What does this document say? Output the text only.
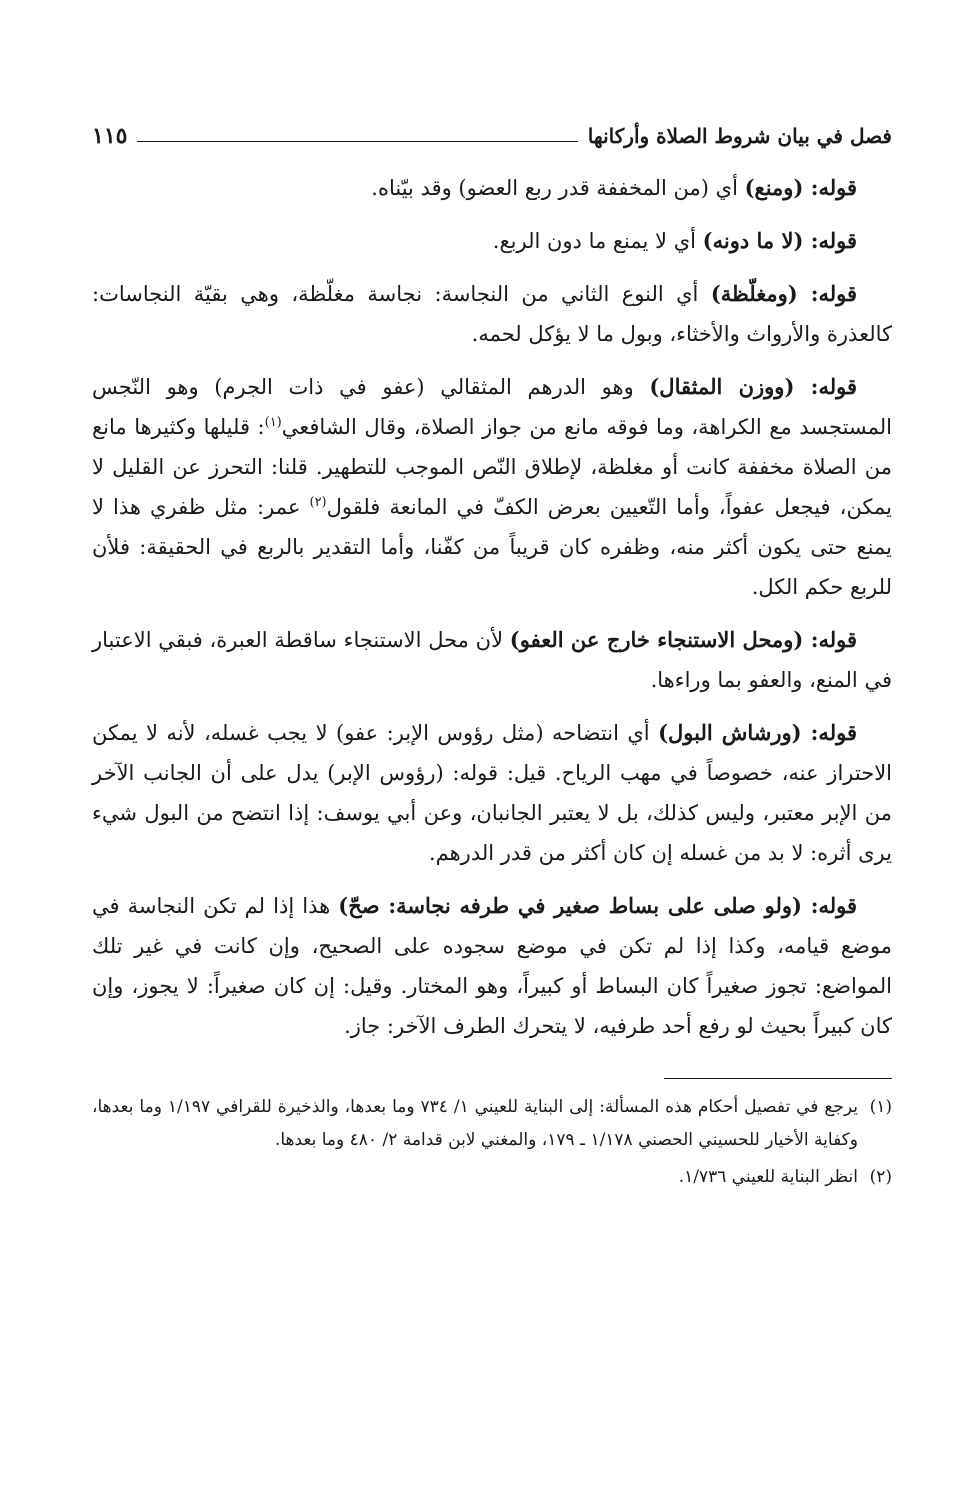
فصل في بيان شروط الصلاة وأركانها
١١٥

قوله: (ومنع) أي (من المخففة قدر ربع العضو) وقد بيّناه.

قوله: (لا ما دونه) أي لا يمنع ما دون الربع.

قوله: (ومغلّظة) أي النوع الثاني من النجاسة: نجاسة مغلّظة، وهي بقيّة النجاسات: كالعذرة والأرواث والأخثاء، وبول ما لا يؤكل لحمه.

قوله: (ووزن المثقال) وهو الدرهم المثقالي (عفو في ذات الجرم) وهو النّجس المستجسد مع الكراهة، وما فوقه مانع من جواز الصلاة، وقال الشافعي$^{(١)}$: قليلها وكثيرها مانع من الصلاة مخففة كانت أو مغلظة، لإطلاق النّص الموجب للتطهير. قلنا: التحرز عن القليل لا يمكن، فيجعل عفواً، وأما التّعيين بعرض الكفّ في المانعة فلقول$^{(٢)}$ عمر: مثل ظفري هذا لا يمنع حتى يكون أكثر منه، وظفره كان قريباً من كفّنا، وأما التقدير بالربع في الحقيقة: فلأن للربع حكم الكل.

قوله: (ومحل الاستنجاء خارج عن العفو) لأن محل الاستنجاء ساقطة العبرة، فبقي الاعتبار في المنع، والعفو بما وراءها.

قوله: (ورشاش البول) أي انتضاحه (مثل رؤوس الإبر: عفو) لا يجب غسله، لأنه لا يمكن الاحتراز عنه، خصوصاً في مهب الرياح. قيل: قوله: (رؤوس الإبر) يدل على أن الجانب الآخر من الإبر معتبر، وليس كذلك، بل لا يعتبر الجانبان، وعن أبي يوسف: إذا انتضح من البول شيء يرى أثره: لا بد من غسله إن كان أكثر من قدر الدرهم.

قوله: (ولو صلى على بساط صغير في طرفه نجاسة: صحّ) هذا إذا لم تكن النجاسة في موضع قيامه، وكذا إذا لم تكن في موضع سجوده على الصحيح، وإن كانت في غير تلك المواضع: تجوز صغيراً كان البساط أو كبيراً، وهو المختار. وقيل: إن كان صغيراً: لا يجوز، وإن كان كبيراً بحيث لو رفع أحد طرفيه، لا يتحرك الطرف الآخر: جاز.

(١)
يرجع في تفصيل أحكام هذه المسألة: إلى البناية للعيني ١/ ٧٣٤ وما بعدها، والذخيرة للقرافي ١/١٩٧ وما بعدها، وكفاية الأخيار للحسيني الحصني ١/١٧٨ ـ ١٧٩، والمغني لابن قدامة ٢/ ٤٨٠ وما بعدها.
(٢)
انظر البناية للعيني ١/٧٣٦.
